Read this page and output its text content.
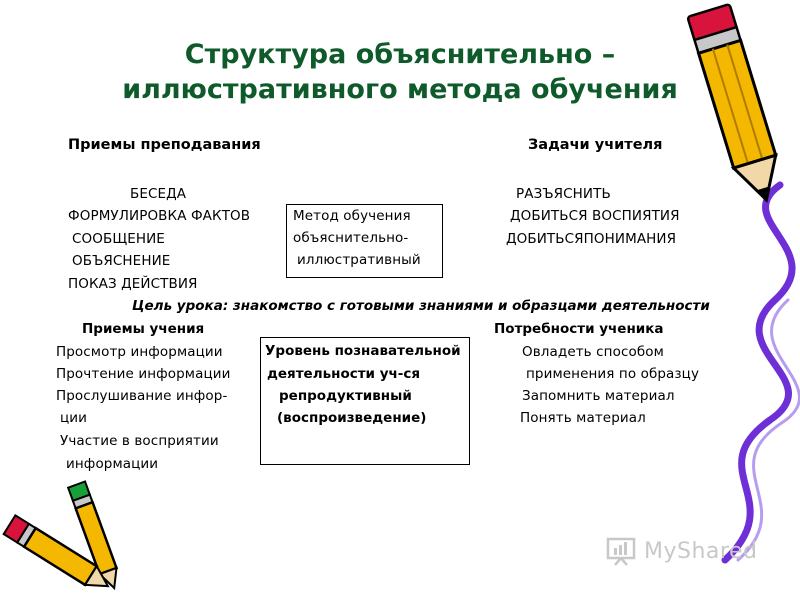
Структура объяснительно –
иллюстративного метода обучения
Приемы преподавания	Задачи учителя
БЕСЕДА
ФОРМУЛИРОВКА ФАКТОВ
СООБЩЕНИЕ
ОБЪЯСНЕНИЕ
ПОКАЗ ДЕЙСТВИЯ
Метод обучения
объяснительно-
иллюстративный
РАЗЪЯСНИТЬ
ДОБИТЬСЯ ВОСПИЯТИЯ
ДОБИТЬСЯПОНИМАНИЯ
Цель урока: знакомство с готовыми знаниями и образцами деятельности
Приемы учения	Потребности ученика
Просмотр информации
Прочтение информации
Прослушивание инфор-
ции
Участие в восприятии
информации
Уровень познавательной
деятельности уч-ся
репродуктивный
(воспроизведение)
Овладеть способом
применения по образцу
Запомнить материал
Понять материал
MyShared
